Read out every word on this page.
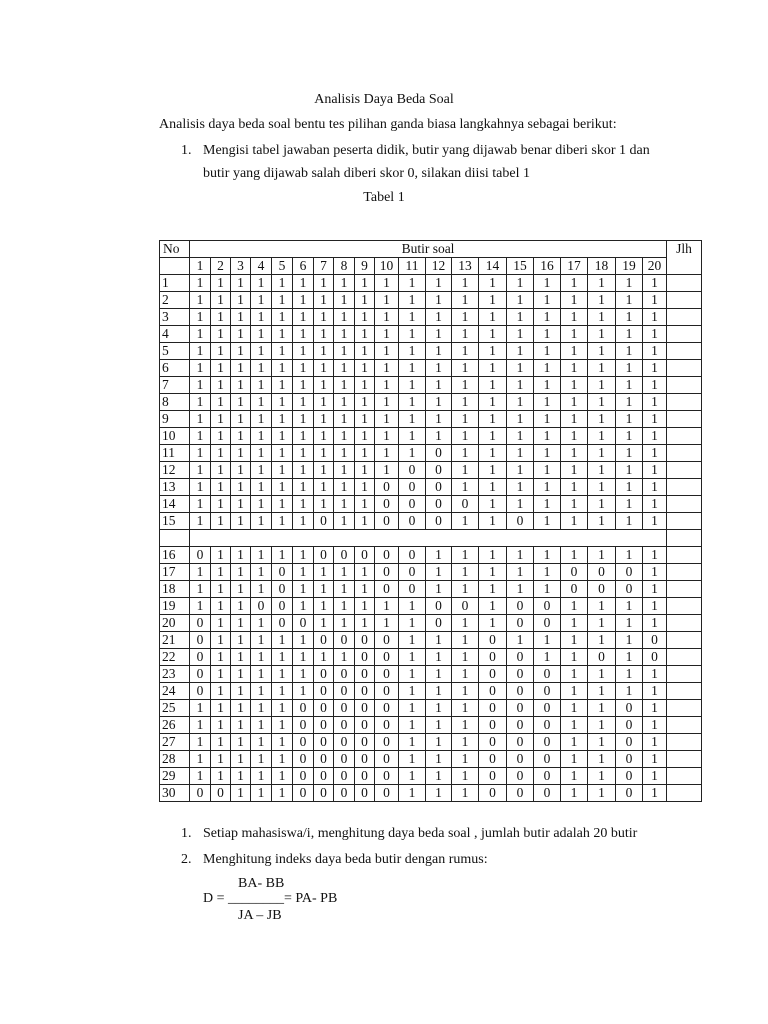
Analisis Daya Beda Soal
Analisis daya beda soal bentu tes pilihan ganda biasa langkahnya sebagai berikut:
1. Mengisi tabel jawaban peserta didik, butir yang dijawab benar diberi skor 1 dan
butir yang dijawab salah diberi skor 0, silakan diisi tabel 1
Tabel 1
No	Butir soal																				Jlh
	1	2	3	4	5	6	7	8	9	10	11	12	13	14	15	16	17	18	19	20	
1	1	1	1	1	1	1	1	1	1	1	1	1	1	1	1	1	1	1	1	1	
2	1	1	1	1	1	1	1	1	1	1	1	1	1	1	1	1	1	1	1	1	
3	1	1	1	1	1	1	1	1	1	1	1	1	1	1	1	1	1	1	1	1	
4	1	1	1	1	1	1	1	1	1	1	1	1	1	1	1	1	1	1	1	1	
5	1	1	1	1	1	1	1	1	1	1	1	1	1	1	1	1	1	1	1	1	
6	1	1	1	1	1	1	1	1	1	1	1	1	1	1	1	1	1	1	1	1	
7	1	1	1	1	1	1	1	1	1	1	1	1	1	1	1	1	1	1	1	1	
8	1	1	1	1	1	1	1	1	1	1	1	1	1	1	1	1	1	1	1	1	
9	1	1	1	1	1	1	1	1	1	1	1	1	1	1	1	1	1	1	1	1	
10	1	1	1	1	1	1	1	1	1	1	1	1	1	1	1	1	1	1	1	1	
11	1	1	1	1	1	1	1	1	1	1	1	0	1	1	1	1	1	1	1	1	
12	1	1	1	1	1	1	1	1	1	1	0	0	1	1	1	1	1	1	1	1	
13	1	1	1	1	1	1	1	1	1	0	0	0	1	1	1	1	1	1	1	1	
14	1	1	1	1	1	1	1	1	1	0	0	0	0	1	1	1	1	1	1	1	
15	1	1	1	1	1	1	0	1	1	0	0	0	1	1	0	1	1	1	1	1	

16	0	1	1	1	1	1	0	0	0	0	0	1	1	1	1	1	1	1	1	1	
17	1	1	1	1	0	1	1	1	1	0	0	1	1	1	1	1	0	0	0	1	
18	1	1	1	1	0	1	1	1	1	0	0	1	1	1	1	1	0	0	0	1	
19	1	1	1	0	0	1	1	1	1	1	1	0	0	1	0	0	1	1	1	1	
20	0	1	1	1	0	0	1	1	1	1	1	0	1	1	0	0	1	1	1	1	
21	0	1	1	1	1	1	0	0	0	0	1	1	1	0	1	1	1	1	1	0	
22	0	1	1	1	1	1	1	1	0	0	1	1	1	0	0	1	1	0	1	0	
23	0	1	1	1	1	1	0	0	0	0	1	1	1	0	0	0	1	1	1	1	
24	0	1	1	1	1	1	0	0	0	0	1	1	1	0	0	0	1	1	1	1	
25	1	1	1	1	1	0	0	0	0	0	1	1	1	0	0	0	1	1	0	1	
26	1	1	1	1	1	0	0	0	0	0	1	1	1	0	0	0	1	1	0	1	
27	1	1	1	1	1	0	0	0	0	0	1	1	1	0	0	0	1	1	0	1	
28	1	1	1	1	1	0	0	0	0	0	1	1	1	0	0	0	1	1	0	1	
29	1	1	1	1	1	0	0	0	0	0	1	1	1	0	0	0	1	1	0	1	
30	0	0	1	1	1	0	0	0	0	0	1	1	1	0	0	0	1	1	0	1	
1. Setiap mahasiswa/i, menghitung daya beda soal , jumlah butir adalah 20 butir
2. Menghitung indeks daya beda butir dengan rumus:
BA- BB
D = ________= PA- PB
JA – JB
